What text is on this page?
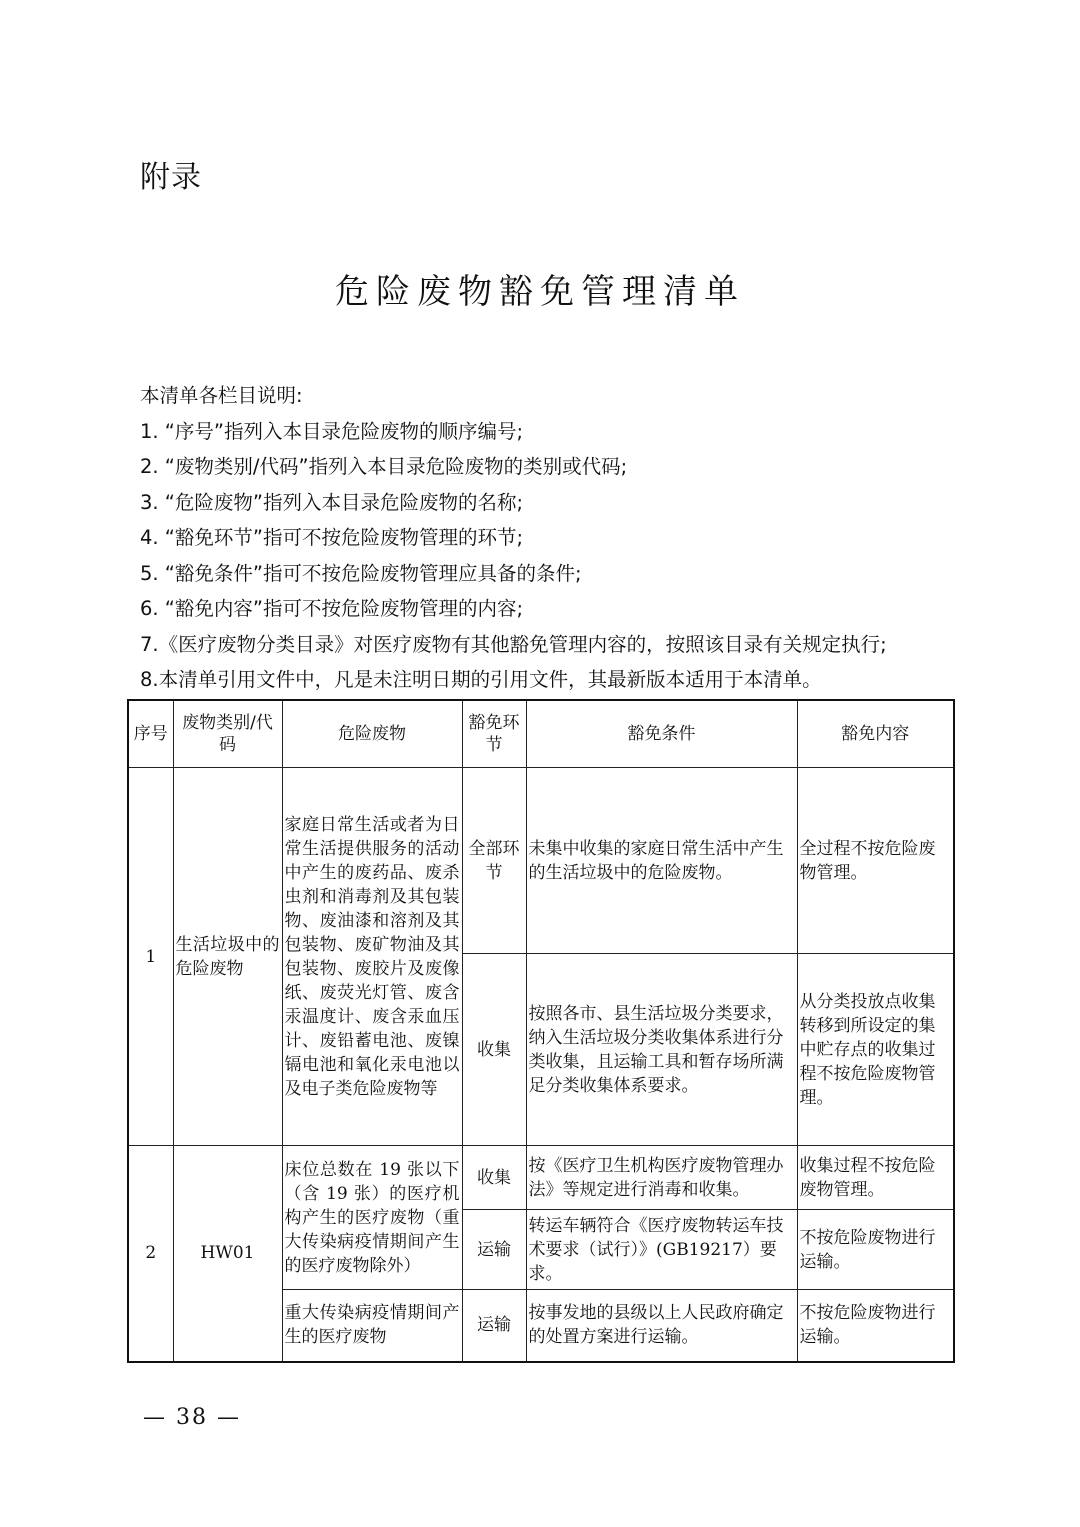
附录
危险废物豁免管理清单
本清单各栏目说明:
1. “序号”指列入本目录危险废物的顺序编号;
2. “废物类别/代码”指列入本目录危险废物的类别或代码;
3. “危险废物”指列入本目录危险废物的名称;
4. “豁免环节”指可不按危险废物管理的环节;
5. “豁免条件”指可不按危险废物管理应具备的条件;
6. “豁免内容”指可不按危险废物管理的内容;
7.《医疗废物分类目录》对医疗废物有其他豁免管理内容的，按照该目录有关规定执行;
8.本清单引用文件中，凡是未注明日期的引用文件，其最新版本适用于本清单。
序号	废物类别/代码	危险废物	豁免环节	豁免条件	豁免内容
1	生活垃圾中的危险废物	家庭日常生活或者为日常生活提供服务的活动中产生的废药品、废杀虫剂和消毒剂及其包装物、废油漆和溶剂及其包装物、废矿物油及其包装物、废胶片及废像纸、废荧光灯管、废含汞温度计、废含汞血压计、废铅蓄电池、废镍镉电池和氧化汞电池以及电子类危险废物等	全部环节	未集中收集的家庭日常生活中产生的生活垃圾中的危险废物。	全过程不按危险废物管理。
			收集	按照各市、县生活垃圾分类要求，纳入生活垃圾分类收集体系进行分类收集，且运输工具和暂存场所满足分类收集体系要求。	从分类投放点收集转移到所设定的集中贮存点的收集过程不按危险废物管理。
2	HW01	床位总数在 19 张以下（含 19 张）的医疗机构产生的医疗废物（重大传染病疫情期间产生的医疗废物除外）	收集	按《医疗卫生机构医疗废物管理办法》等规定进行消毒和收集。	收集过程不按危险废物管理。
			运输	转运车辆符合《医疗废物转运车技术要求（试行）》(GB19217）要求。	不按危险废物进行运输。
		重大传染病疫情期间产生的医疗废物	运输	按事发地的县级以上人民政府确定的处置方案进行运输。	不按危险废物进行运输。
— 38 —
